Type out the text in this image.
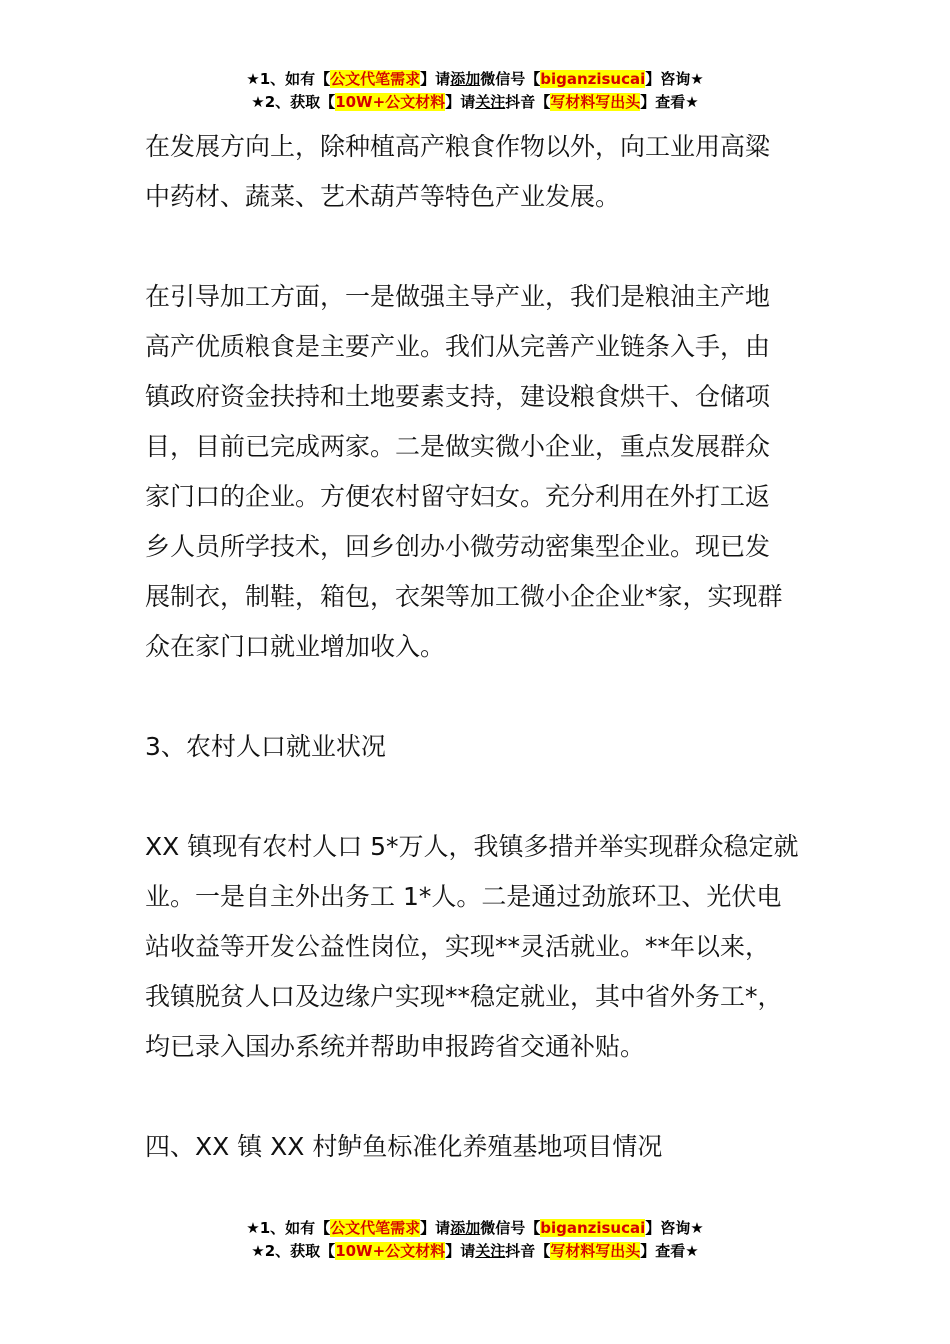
★1、如有【公文代笔需求】请添加微信号【biganzisucai】咨询★
★2、获取【10W+公文材料】请关注抖音【写材料写出头】查看★

在发展方向上，除种植高产粮食作物以外，向工业用高粱

中药材、蔬菜、艺术葫芦等特色产业发展。

在引导加工方面，一是做强主导产业，我们是粮油主产地

高产优质粮食是主要产业。我们从完善产业链条入手，由

镇政府资金扶持和土地要素支持，建设粮食烘干、仓储项

目，目前已完成两家。二是做实微小企业，重点发展群众

家门口的企业。方便农村留守妇女。充分利用在外打工返

乡人员所学技术，回乡创办小微劳动密集型企业。现已发

展制衣，制鞋，箱包，衣架等加工微小企企业*家，实现群

众在家门口就业增加收入。

3、农村人口就业状况

XX 镇现有农村人口 5*万人，我镇多措并举实现群众稳定就

业。一是自主外出务工 1*人。二是通过劲旅环卫、光伏电

站收益等开发公益性岗位，实现**灵活就业。**年以来，

我镇脱贫人口及边缘户实现**稳定就业，其中省外务工*，

均已录入国办系统并帮助申报跨省交通补贴。

四、XX 镇 XX 村鲈鱼标准化养殖基地项目情况

★1、如有【公文代笔需求】请添加微信号【biganzisucai】咨询★
★2、获取【10W+公文材料】请关注抖音【写材料写出头】查看★
